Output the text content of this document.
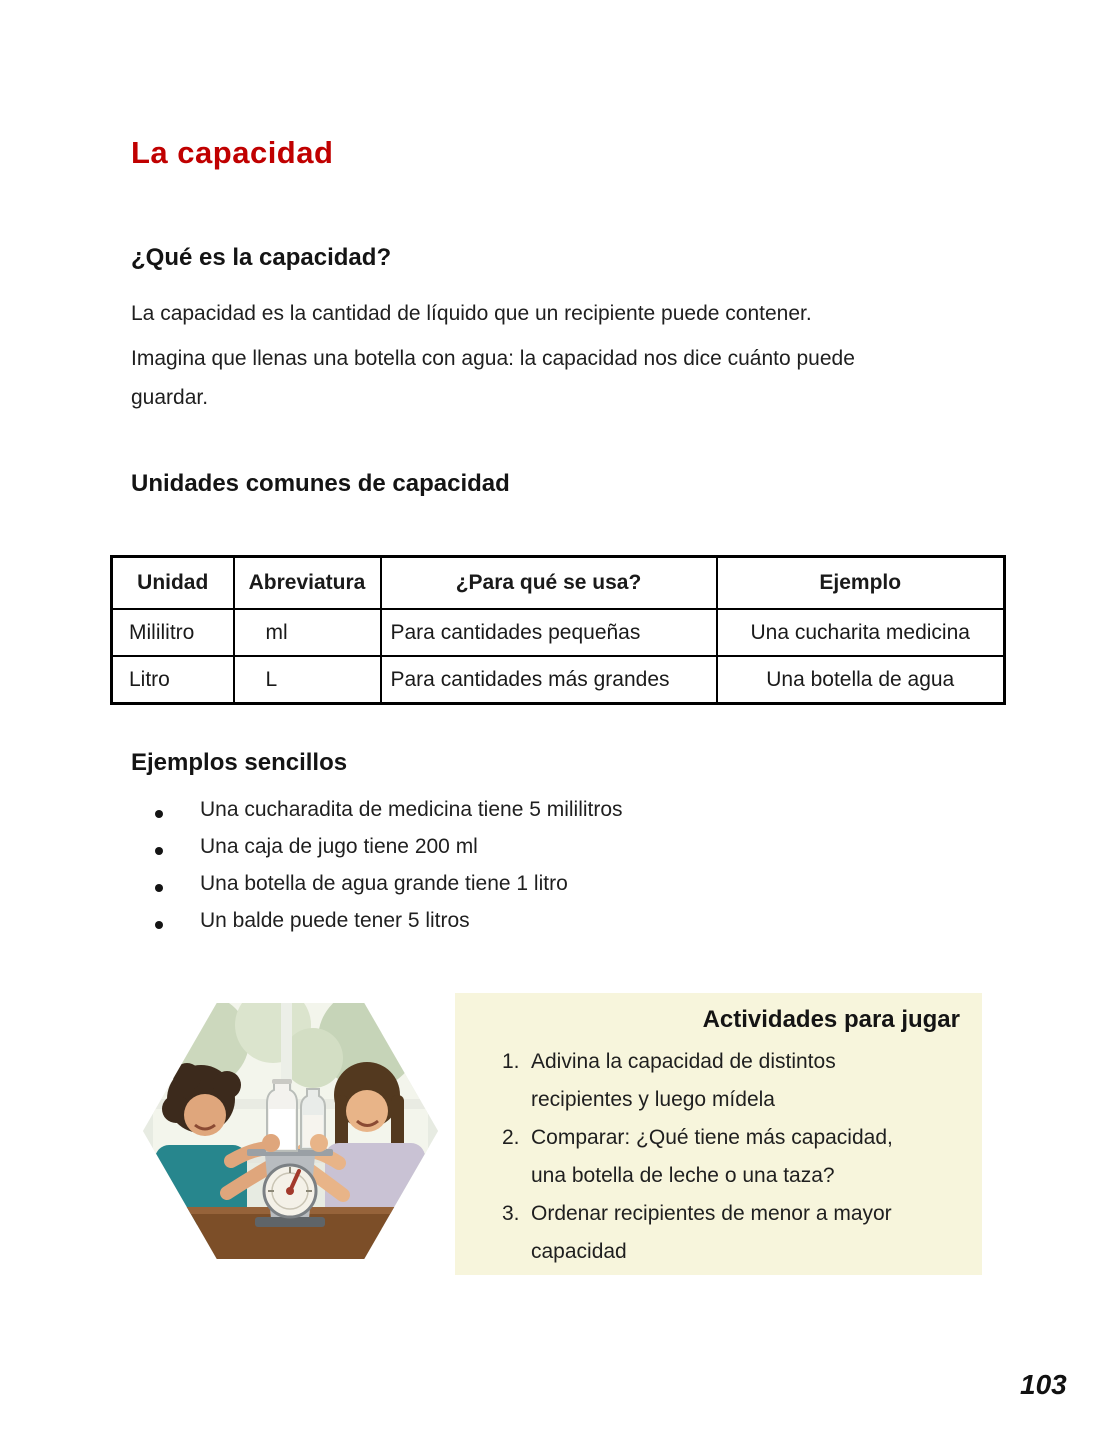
La capacidad
¿Qué es la capacidad?
La capacidad es la cantidad de líquido que un recipiente puede contener.
Imagina que llenas una botella con agua: la capacidad nos dice cuánto puede
guardar.
Unidades comunes de capacidad
Unidad	Abreviatura	¿Para qué se usa?	Ejemplo
Mililitro	ml	Para cantidades pequeñas	Una cucharita medicina
Litro	L	Para cantidades más grandes	Una botella de agua
Ejemplos sencillos
Una cucharadita de medicina tiene 5 mililitros
Una caja de jugo tiene 200 ml
Una botella de agua grande tiene 1 litro
Un balde puede tener 5 litros
Actividades para jugar
1. Adivina la capacidad de distintos
recipientes y luego mídela
2. Comparar: ¿Qué tiene más capacidad,
una botella de leche o una taza?
3. Ordenar recipientes de menor a mayor
capacidad
103
